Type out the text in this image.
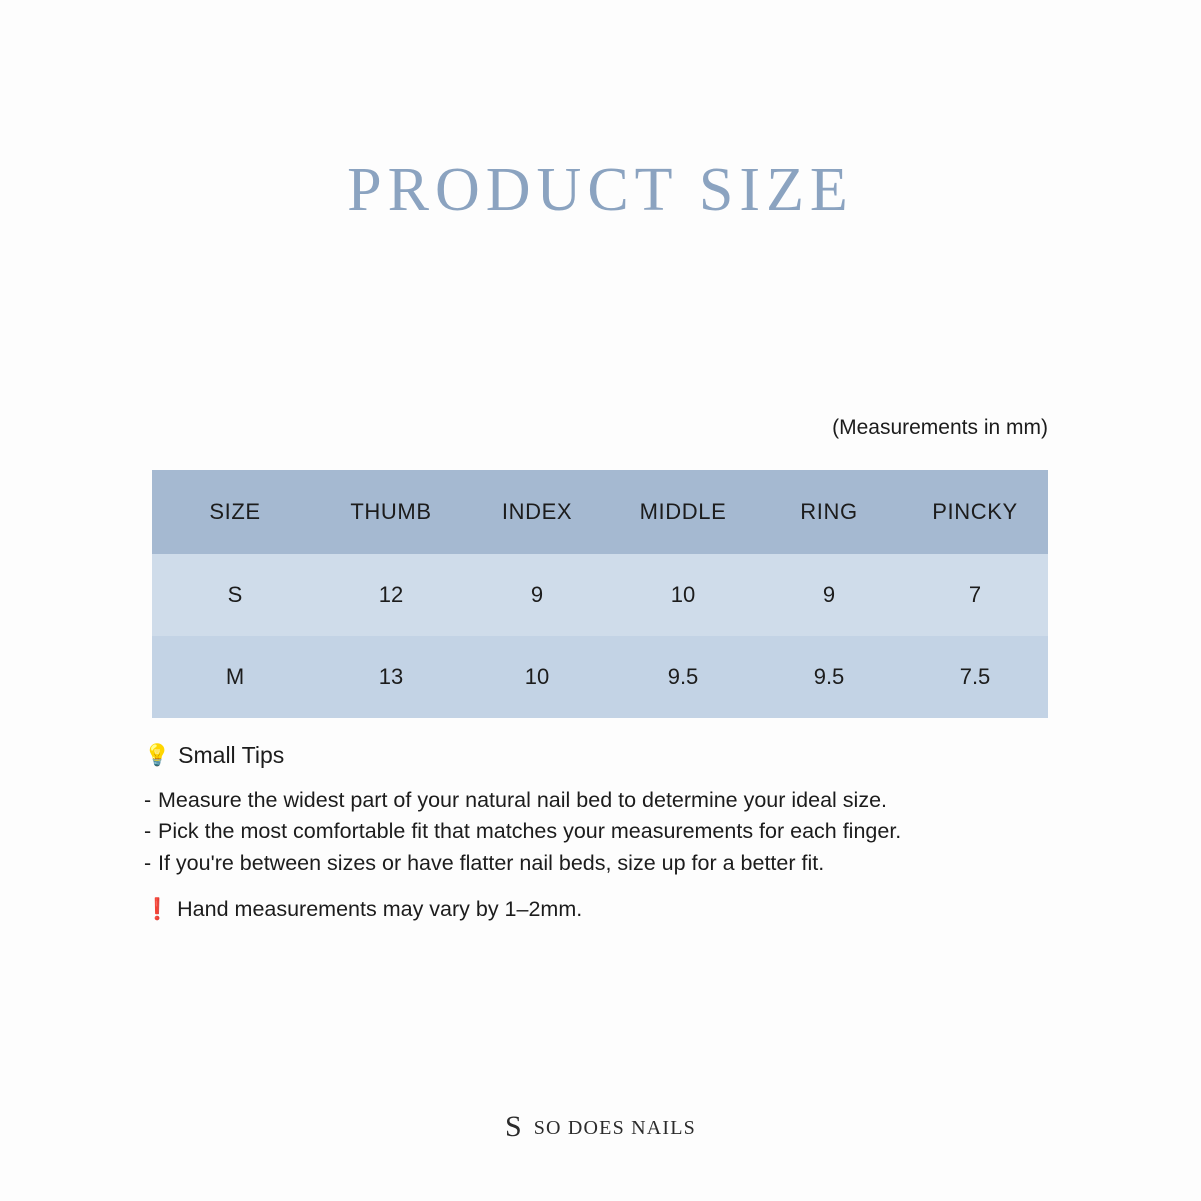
PRODUCT SIZE
(Measurements in mm)
SIZE	THUMB	INDEX	MIDDLE	RING	PINCKY
S	12	9	10	9	7
M	13	10	9.5	9.5	7.5
💡 Small Tips
- Measure the widest part of your natural nail bed to determine your ideal size.
- Pick the most comfortable fit that matches your measurements for each finger.
- If you're between sizes or have flatter nail beds, size up for a better fit.
❗ Hand measurements may vary by 1–2mm.
S SO DOES NAILS
